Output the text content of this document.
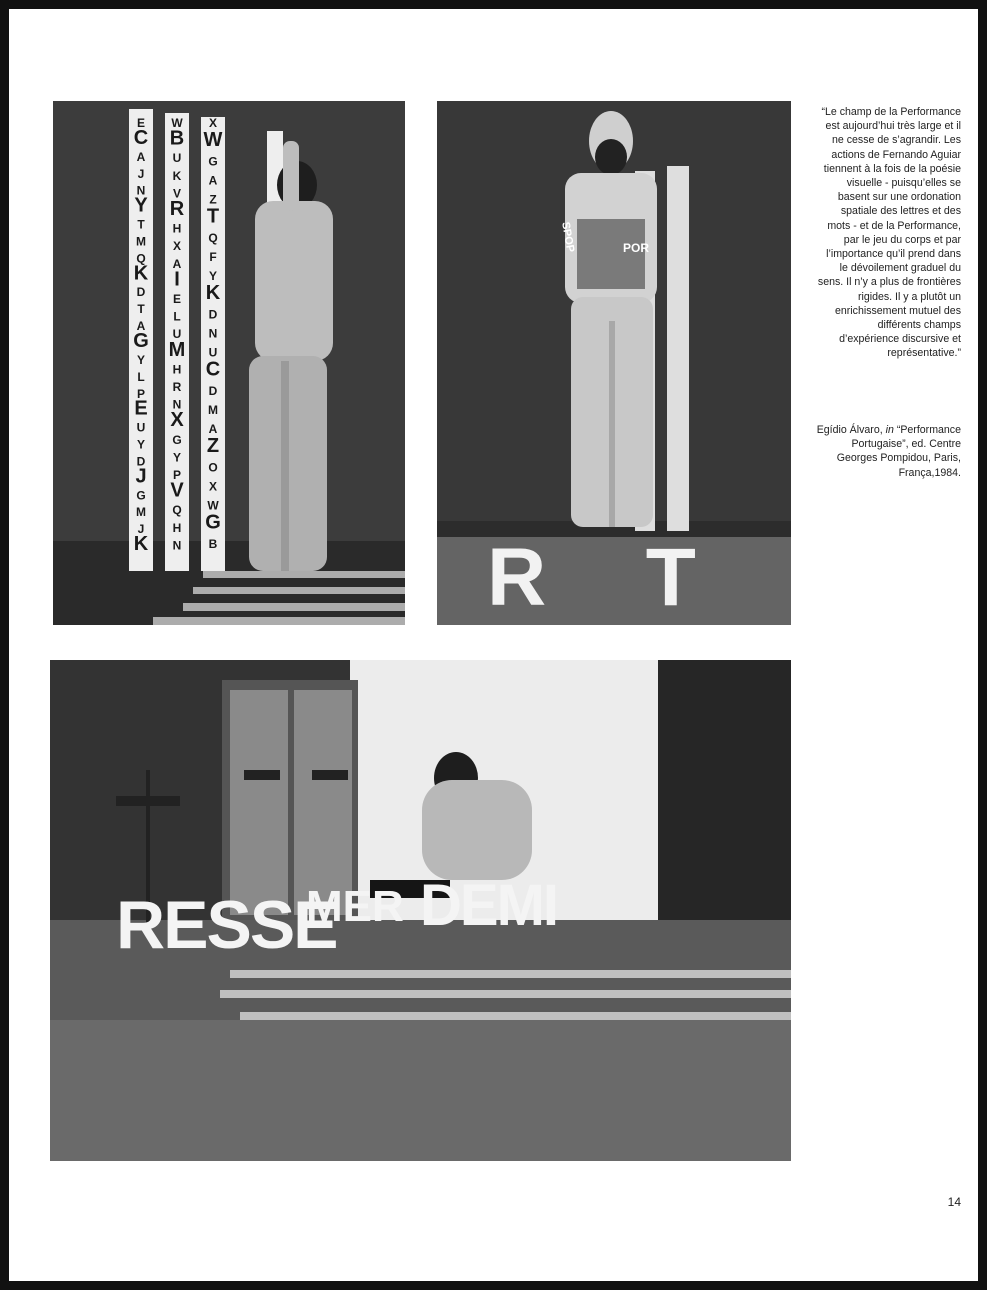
E
C
A
J
N
Y
T
M
Q
K
D
T
A
G
Y
L
P
E
U
Y
D
J
G
M
J
K
W
B
U
K
V
R
H
X
A
I
E
L
U
M
H
R
N
X
G
Y
P
V
Q
H
N
X
W
G
A
Z
T
Q
F
Y
K
D
N
U
C
D
M
A
Z
O
X
W
G
B
SPOP	POR
R  T
RESSE
MER DEMI
“Le champ de la Performance est aujourd’hui très large et il ne cesse de s’agrandir. Les actions de Fernando Aguiar tiennent à la fois de la poésie visuelle - puisqu’elles se basent sur une ordonation spatiale des lettres et des mots - et de la Performance, par le jeu du corps et par l’importance qu’il prend dans le dévoilement graduel du sens. Il n’y a plus de frontières rigides. Il y a plutôt un enrichissement mutuel des différents champs d’expérience discursive et représentative.”
Egídio Álvaro, in “Performance Portugaise”, ed. Centre Georges Pompidou, Paris, França,1984.
14
